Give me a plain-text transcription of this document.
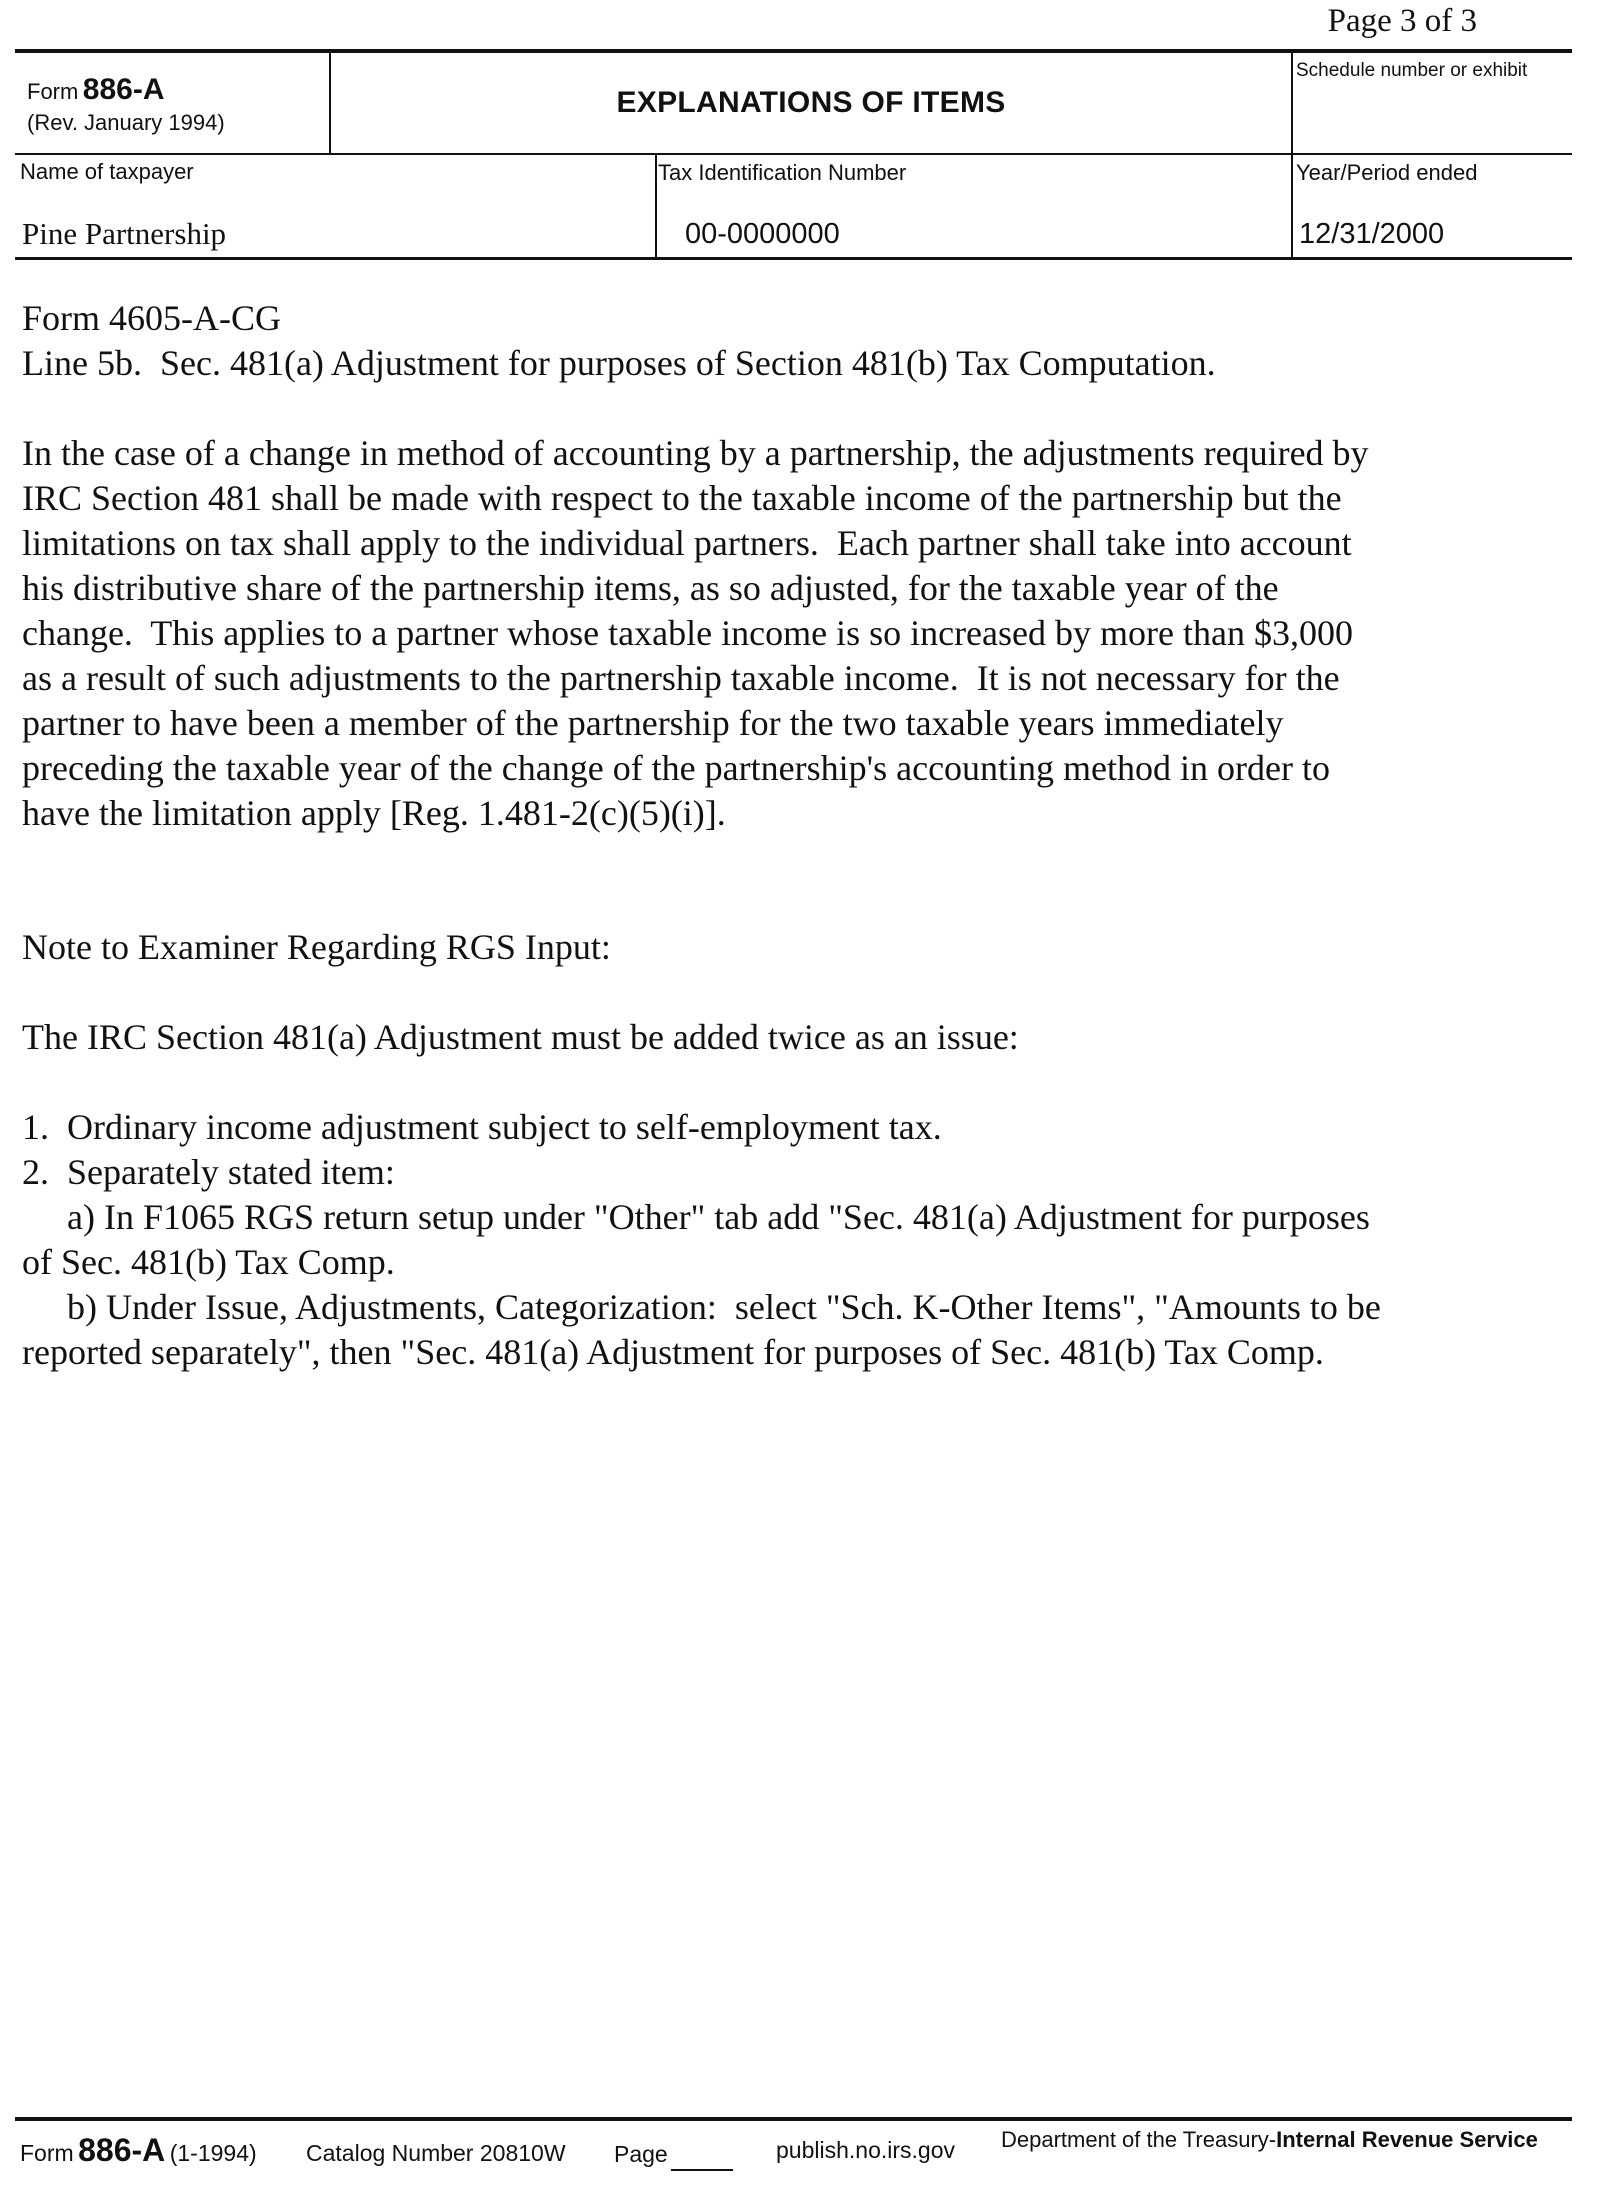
Page 3 of 3
Form 886-A
(Rev. January 1994)
EXPLANATIONS OF ITEMS
Schedule number or exhibit
Name of taxpayer
Pine Partnership
Tax Identification Number
00-0000000
Year/Period ended
12/31/2000
Form 4605-A-CG
Line 5b.  Sec. 481(a) Adjustment for purposes of Section 481(b) Tax Computation.
In the case of a change in method of accounting by a partnership, the adjustments required by
IRC Section 481 shall be made with respect to the taxable income of the partnership but the
limitations on tax shall apply to the individual partners.  Each partner shall take into account
his distributive share of the partnership items, as so adjusted, for the taxable year of the
change.  This applies to a partner whose taxable income is so increased by more than $3,000
as a result of such adjustments to the partnership taxable income.  It is not necessary for the
partner to have been a member of the partnership for the two taxable years immediately
preceding the taxable year of the change of the partnership's accounting method in order to
have the limitation apply [Reg. 1.481-2(c)(5)(i)].
Note to Examiner Regarding RGS Input:
The IRC Section 481(a) Adjustment must be added twice as an issue:
1.  Ordinary income adjustment subject to self-employment tax.
2.  Separately stated item:
a) In F1065 RGS return setup under "Other" tab add "Sec. 481(a) Adjustment for purposes
of Sec. 481(b) Tax Comp.
b) Under Issue, Adjustments, Categorization:  select "Sch. K-Other Items", "Amounts to be
reported separately", then "Sec. 481(a) Adjustment for purposes of Sec. 481(b) Tax Comp.
Form 886-A (1-1994) Catalog Number 20810W Page	publish.no.irs.gov Department of the Treasury-Internal Revenue Service
